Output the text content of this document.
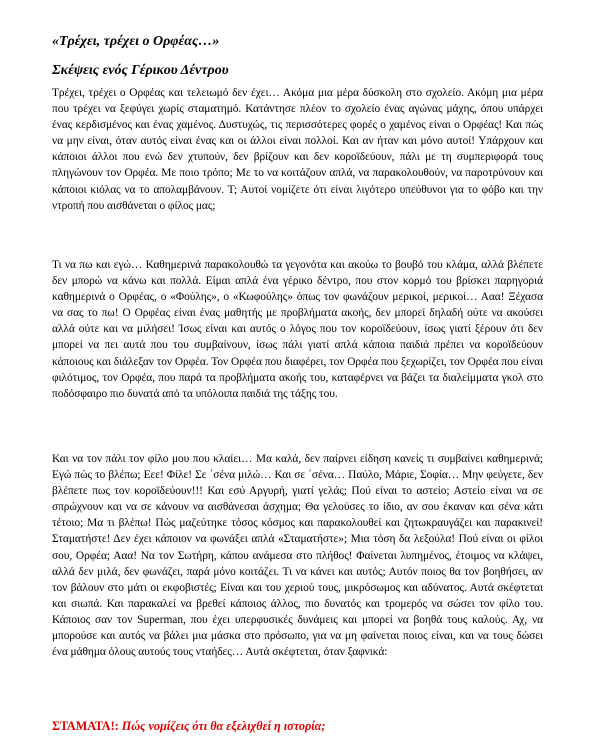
«Τρέχει, τρέχει ο Ορφέας…»

Σκέψεις ενός Γέρικου Δέντρου

Τρέχει, τρέχει ο Ορφέας και τελειωμό δεν έχει… Ακόμα μια μέρα δύσκολη στο σχολείο. Ακόμη μια μέρα που τρέχει να ξεφύγει χωρίς σταματημό. Κατάντησε πλέον το σχολείο ένας αγώνας μάχης, όπου υπάρχει ένας κερδισμένος και ένας χαμένος. Δυστυχώς, τις περισσότερες φορές ο χαμένος είναι ο Ορφέας! Και πώς να μην είναι, όταν αυτός είναι ένας και οι άλλοι είναι πολλοί. Και αν ήταν και μόνο αυτοί! Υπάρχουν και κάποιοι άλλοι που ενώ δεν χτυπούν, δεν βρίζουν και δεν κοροϊδεύουν, πάλι με τη συμπεριφορά τους πληγώνουν τον Ορφέα. Με ποιο τρόπο; Με το να κοιτάζουν απλά, να παρακολουθούν, να παροτρύνουν και κάποιοι κιόλας να το απολαμβάνουν. Τ; Αυτοί νομίζετε ότι είναι λιγότερο υπεύθυνοι για το φόβο και την ντροπή που αισθάνεται ο φίλος μας;

Τι να πω και εγώ… Καθημερινά παρακολουθώ τα γεγονότα και ακούω το βουβό του κλάμα, αλλά βλέπετε δεν μπορώ να κάνω και πολλά. Είμαι απλά ένα γέρικο δέντρο, που στον κορμό του βρίσκει παρηγοριά καθημερινά ο Ορφέας, ο «Φούλης», ο «Κωφούλης» όπως τον φωνάζουν μερικοί, μερικοί… Ααα! Ξέχασα να σας το πω! Ο Ορφέας είναι ένας μαθητής με προβλήματα ακοής, δεν μπορεί δηλαδή ούτε να ακούσει αλλά ούτε και να μιλήσει! Ίσως είναι και αυτός ο λόγος που τον κοροϊδεύουν, ίσως γιατί ξέρουν ότι δεν μπορεί να πει αυτά που του συμβαίνουν, ίσως πάλι γιατί απλά κάποια παιδιά πρέπει να κοροϊδεύουν κάποιους και διάλεξαν τον Ορφέα. Τον Ορφέα που διαφέρει, τον Ορφέα που ξεχωρίζει, τον Ορφέα που είναι φιλότιμος, τον Ορφέα, που παρά τα προβλήματα ακοής του, καταφέρνει να βάζει τα διαλείμματα γκολ στο ποδόσφαιρο πιο δυνατά από τα υπόλοιπα παιδιά της τάξης του.

Και να τον πάλι τον φίλο μου που κλαίει… Μα καλά, δεν παίρνει είδηση κανείς τι συμβαίνει καθημερινά; Εγώ πώς το βλέπω; Εεε! Φίλε! Σε ΄σένα μιλώ… Και σε ΄σένα… Παύλο, Μάριε, Σοφία… Μην φεύγετε, δεν βλέπετε πως τον κοροϊδεύουν!!! Και εσύ Αργυρή, γιατί γελάς; Πού είναι το αστείο; Αστείο είναι να σε σπρώχνουν και να σε κάνουν να αισθάνεσαι άσχημα; Θα γελούσες το ίδιο, αν σου έκαναν και σένα κάτι τέτοιο; Μα τι βλέπω! Πώς μαζεύτηκε τόσος κόσμος και παρακολουθεί και ζητωκραυγάζει και παρακινεί! Σταματήστε! Δεν έχει κάποιον να φωνάξει απλά «Σταματήστε»; Μια τόση δα λεξούλα! Πού είναι οι φίλοι σου, Ορφέα; Ααα! Να τον Σωτήρη, κάπου ανάμεσα στο πλήθος! Φαίνεται λυπημένος, έτοιμος να κλάψει, αλλά δεν μιλά, δεν φωνάζει, παρά μόνο κοιτάζει. Τι να κάνει και αυτός; Αυτόν ποιος θα τον βοηθήσει, αν τον βάλουν στο μάτι οι εκφοβιστές; Είναι και του χεριού τους, μικρόσωμος και αδύνατος. Αυτά σκέφτεται και σιωπά. Και παρακαλεί να βρεθεί κάποιος άλλος, πιο δυνατός και τρομερός να σώσει τον φίλο του. Κάποιος σαν τον Superman, που έχει υπερφυσικές δυνάμεις και μπορεί να βοηθά τους καλούς. Αχ, να μπορούσε και αυτός να βάλει μια μάσκα στο πρόσωπο, για να μη φαίνεται ποιος είναι, και να τους δώσει ένα μάθημα όλους αυτούς τους νταήδες… Αυτά σκέφτεται, όταν ξαφνικά:

ΣΤΑΜΑΤΑ!: Πώς νομίζεις ότι θα εξελιχθεί η ιστορία;
